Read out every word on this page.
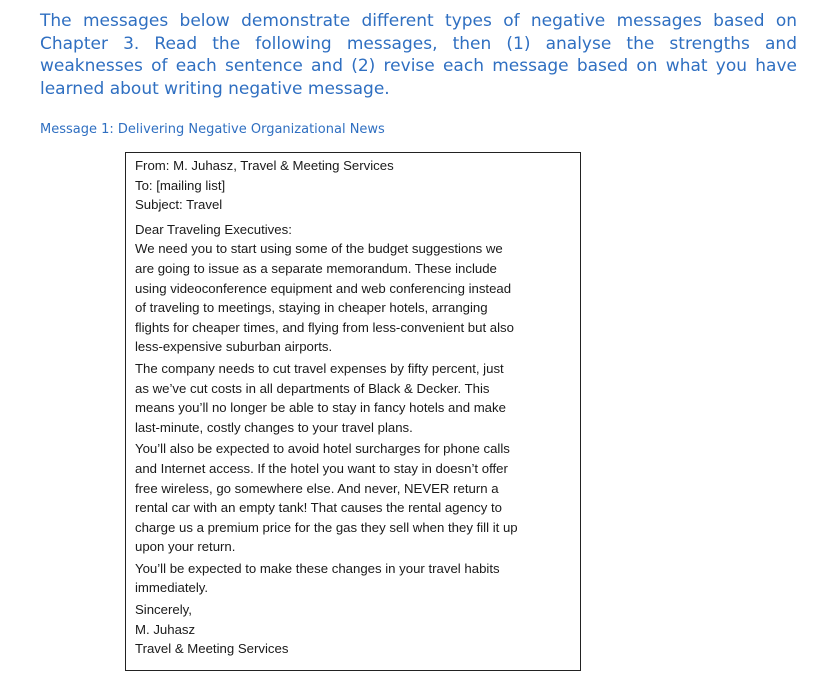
The messages below demonstrate different types of negative messages based on Chapter 3. Read the following messages, then (1) analyse the strengths and weaknesses of each sentence and (2) revise each message based on what you have learned about writing negative message.

Message 1: Delivering Negative Organizational News
From: M. Juhasz, Travel & Meeting Services
To: [mailing list]
Subject: Travel
Dear Traveling Executives:
We need you to start using some of the budget suggestions we
are going to issue as a separate memorandum. These include
using videoconference equipment and web conferencing instead
of traveling to meetings, staying in cheaper hotels, arranging
flights for cheaper times, and flying from less-convenient but also
less-expensive suburban airports.
The company needs to cut travel expenses by fifty percent, just
as we’ve cut costs in all departments of Black & Decker. This
means you’ll no longer be able to stay in fancy hotels and make
last-minute, costly changes to your travel plans.
You’ll also be expected to avoid hotel surcharges for phone calls
and Internet access. If the hotel you want to stay in doesn’t offer
free wireless, go somewhere else. And never, NEVER return a
rental car with an empty tank! That causes the rental agency to
charge us a premium price for the gas they sell when they fill it up
upon your return.
You’ll be expected to make these changes in your travel habits
immediately.
Sincerely,
M. Juhasz
Travel & Meeting Services
